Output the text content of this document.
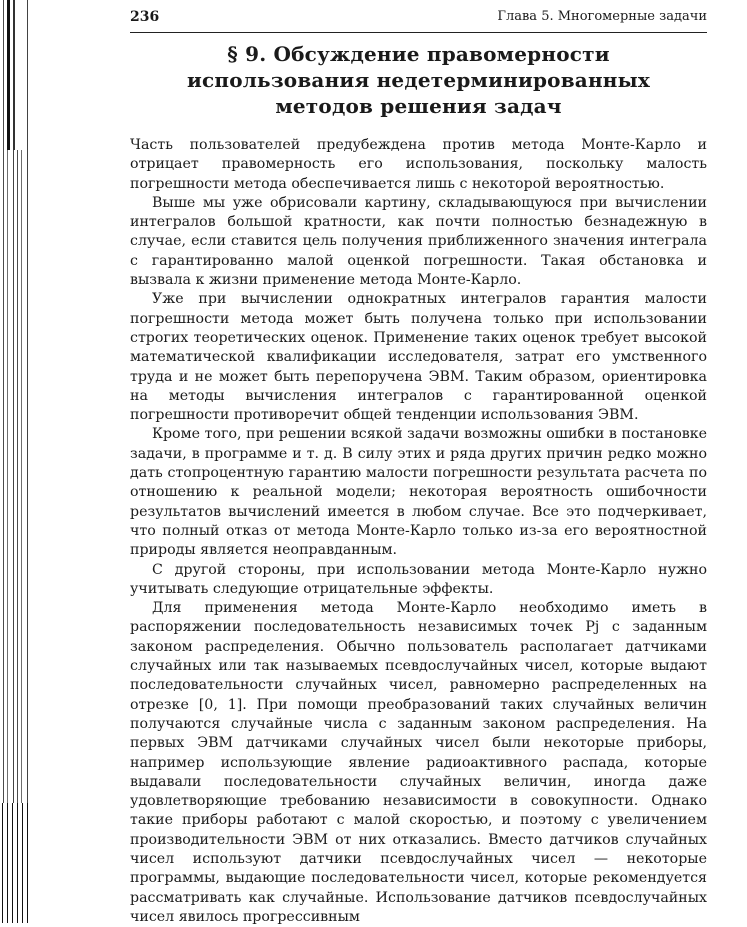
236	Глава 5. Многомерные задачи
§ 9. Обсуждение правомерности использования недетерминированных методов решения задач

Часть пользователей предубеждена против метода Монте-Карло и отрицает правомерность его использования, поскольку малость погрешности метода обеспечивается лишь с некоторой вероятностью.

Выше мы уже обрисовали картину, складывающуюся при вычислении интегралов большой кратности, как почти полностью безнадежную в случае, если ставится цель получения приближенного значения интеграла с гарантированно малой оценкой погрешности. Такая обстановка и вызвала к жизни применение метода Монте-Карло.

Уже при вычислении однократных интегралов гарантия малости погрешности метода может быть получена только при использовании строгих теоретических оценок. Применение таких оценок требует высокой математической квалификации исследователя, затрат его умственного труда и не может быть перепоручена ЭВМ. Таким образом, ориентировка на методы вычисления интегралов с гарантированной оценкой погрешности противоречит общей тенденции использования ЭВМ.

Кроме того, при решении всякой задачи возможны ошибки в постановке задачи, в программе и т. д. В силу этих и ряда других причин редко можно дать стопроцентную гарантию малости погрешности результата расчета по отношению к реальной модели; некоторая вероятность ошибочности результатов вычислений имеется в любом случае. Все это подчеркивает, что полный отказ от метода Монте-Карло только из-за его вероятностной природы является неоправданным.

С другой стороны, при использовании метода Монте-Карло нужно учитывать следующие отрицательные эффекты.

Для применения метода Монте-Карло необходимо иметь в распоряжении последовательность независимых точек Pj с заданным законом распределения. Обычно пользователь располагает датчиками случайных или так называемых псевдослучайных чисел, которые выдают последовательности случайных чисел, равномерно распределенных на отрезке [0, 1]. При помощи преобразований таких случайных величин получаются случайные числа с заданным законом распределения. На первых ЭВМ датчиками случайных чисел были некоторые приборы, например использующие явление радиоактивного распада, которые выдавали последовательности случайных величин, иногда даже удовлетворяющие требованию независимости в совокупности. Однако такие приборы работают с малой скоростью, и поэтому с увеличением производительности ЭВМ от них отказались. Вместо датчиков случайных чисел используют датчики псевдослучайных чисел — некоторые программы, выдающие последовательности чисел, которые рекомендуется рассматривать как случайные. Использование датчиков псевдослучайных чисел явилось прогрессивным
